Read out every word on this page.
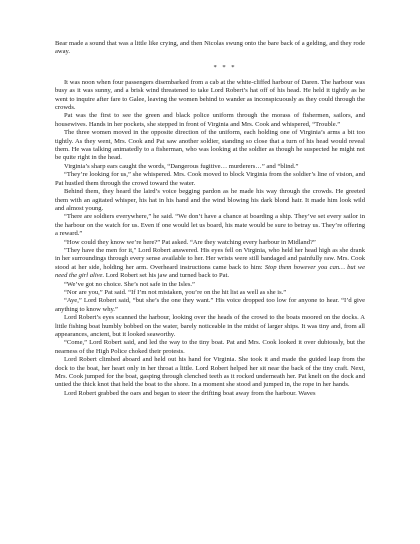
Bear made a sound that was a little like crying, and then Nicolas swung onto the bare back of a gelding, and they rode away.

* * *

It was noon when four passengers disembarked from a cab at the white-cliffed harbour of Daren. The harbour was busy as it was sunny, and a brisk wind threatened to take Lord Robert’s hat off of his head. He held it tightly as he went to inquire after fare to Galee, leaving the women behind to wander as inconspicuously as they could through the crowds.

Pat was the first to see the green and black police uniform through the morass of fishermen, sailors, and housewives. Hands in her pockets, she stepped in front of Virginia and Mrs. Cook and whispered, “Trouble.”

The three women moved in the opposite direction of the uniform, each holding one of Virginia’s arms a bit too tightly. As they went, Mrs. Cook and Pat saw another soldier, standing so close that a turn of his head would reveal them. He was talking animatedly to a fisherman, who was looking at the soldier as though he suspected he might not be quite right in the head.

Virginia’s sharp ears caught the words, “Dangerous fugitive… murderers…” and “blind.”

“They’re looking for us,” she whispered. Mrs. Cook moved to block Virginia from the soldier’s line of vision, and Pat hustled them through the crowd toward the water.

Behind them, they heard the laird’s voice begging pardon as he made his way through the crowds. He greeted them with an agitated whisper, his hat in his hand and the wind blowing his dark blond hair. It made him look wild and almost young.

“There are soldiers everywhere,” he said. “We don’t have a chance at boarding a ship. They’ve set every sailor in the harbour on the watch for us. Even if one would let us board, his mate would be sure to betray us. They’re offering a reward.”

“How could they know we’re here?” Pat asked. “Are they watching every harbour in Midland?”

"They have the men for it," Lord Robert answered. His eyes fell on Virginia, who held her head high as she drank in her surroundings through every sense available to her. Her wrists were still bandaged and painfully raw. Mrs. Cook stood at her side, holding her arm. Overheard instructions came back to him: Stop them however you can… but we need the girl alive. Lord Robert set his jaw and turned back to Pat.

“We’ve got no choice. She’s not safe in the Isles.”

“Nor are you,” Pat said. “If I’m not mistaken, you’re on the hit list as well as she is.”

“Aye,” Lord Robert said, “but she’s the one they want.” His voice dropped too low for anyone to hear. “I’d give anything to know why.”

Lord Robert’s eyes scanned the harbour, looking over the heads of the crowd to the boats moored on the docks. A little fishing boat humbly bobbed on the water, barely noticeable in the midst of larger ships. It was tiny and, from all appearances, ancient, but it looked seaworthy.

“Come,” Lord Robert said, and led the way to the tiny boat. Pat and Mrs. Cook looked it over dubiously, but the nearness of the High Police choked their protests.

Lord Robert climbed aboard and held out his hand for Virginia. She took it and made the guided leap from the dock to the boat, her heart only in her throat a little. Lord Robert helped her sit near the back of the tiny craft. Next, Mrs. Cook jumped for the boat, gasping through clenched teeth as it rocked underneath her. Pat knelt on the dock and untied the thick knot that held the boat to the shore. In a moment she stood and jumped in, the rope in her hands.

Lord Robert grabbed the oars and began to steer the drifting boat away from the harbour. Waves
